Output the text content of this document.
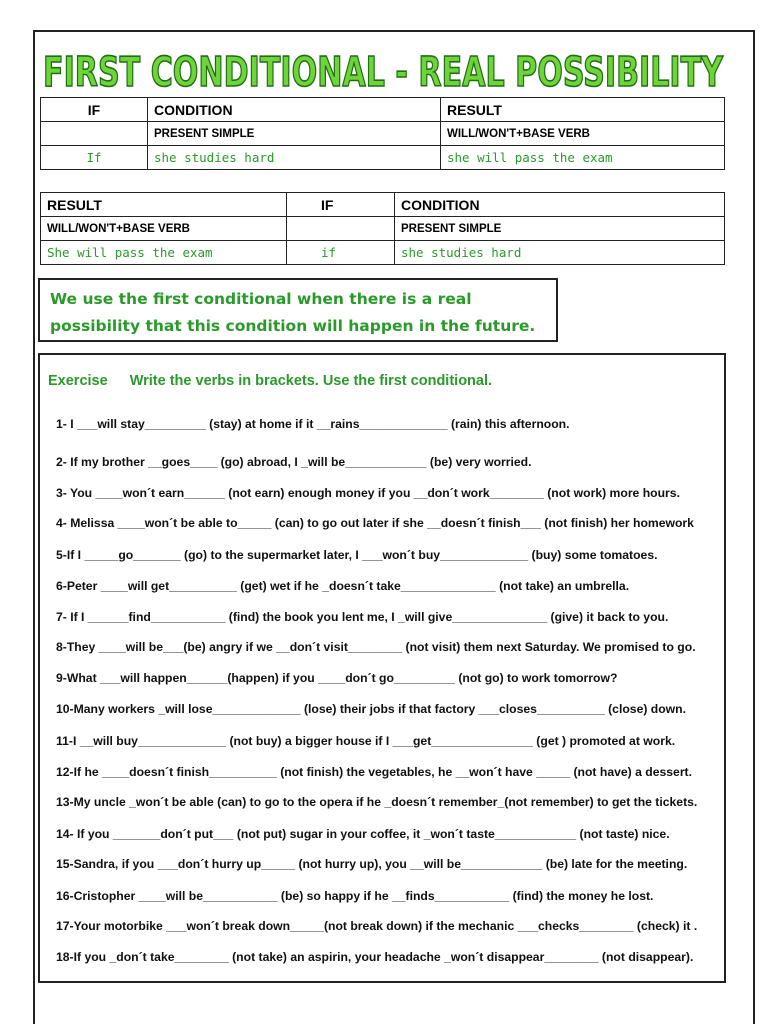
FIRST CONDITIONAL - REAL POSSIBILITY
IF	CONDITION	RESULT
	PRESENT SIMPLE	WILL/WON'T+BASE VERB
If	she studies hard	she will pass the exam
RESULT	IF	CONDITION
WILL/WON'T+BASE VERB		PRESENT SIMPLE
She will pass the exam	if	she studies hard
We use the first conditional when there is a real
possibility that this condition will happen in the future.
Exercise Write the verbs in brackets. Use the first conditional.
1- I ___will stay_________ (stay) at home if it __rains_____________ (rain) this afternoon.
2- If my brother __goes____ (go) abroad, I _will be____________ (be) very worried.
3- You ____won´t earn______ (not earn) enough money if you __don´t work________ (not work) more hours.
4- Melissa ____won´t be able to_____ (can) to go out later if she __doesn´t finish___ (not finish) her homework
5-If I _____go_______ (go) to the supermarket later, I ___won´t buy_____________ (buy) some tomatoes.
6-Peter ____will get__________ (get) wet if he _doesn´t take______________ (not take) an umbrella.
7- If I ______find___________ (find) the book you lent me, I _will give______________ (give) it back to you.
8-They ____will be___(be) angry if we __don´t visit________ (not visit) them next Saturday. We promised to go.
9-What ___will happen______(happen) if you ____don´t go_________ (not go) to work tomorrow?
10-Many workers _will lose_____________ (lose) their jobs if that factory ___closes__________ (close) down.
11-I __will buy_____________ (not buy) a bigger house if I ___get_______________ (get ) promoted at work.
12-If he ____doesn´t finish__________ (not finish) the vegetables, he __won´t have _____ (not have) a dessert.
13-My uncle _won´t be able (can) to go to the opera if he _doesn´t remember_(not remember) to get the tickets.
14- If you _______don´t put___ (not put) sugar in your coffee, it _won´t taste____________ (not taste) nice.
15-Sandra, if you ___don´t hurry up_____ (not hurry up), you __will be____________ (be) late for the meeting.
16-Cristopher ____will be___________ (be) so happy if he __finds___________ (find) the money he lost.
17-Your motorbike ___won´t break down_____(not break down) if the mechanic ___checks________ (check) it .
18-If you _don´t take________ (not take) an aspirin, your headache _won´t disappear________ (not disappear).
